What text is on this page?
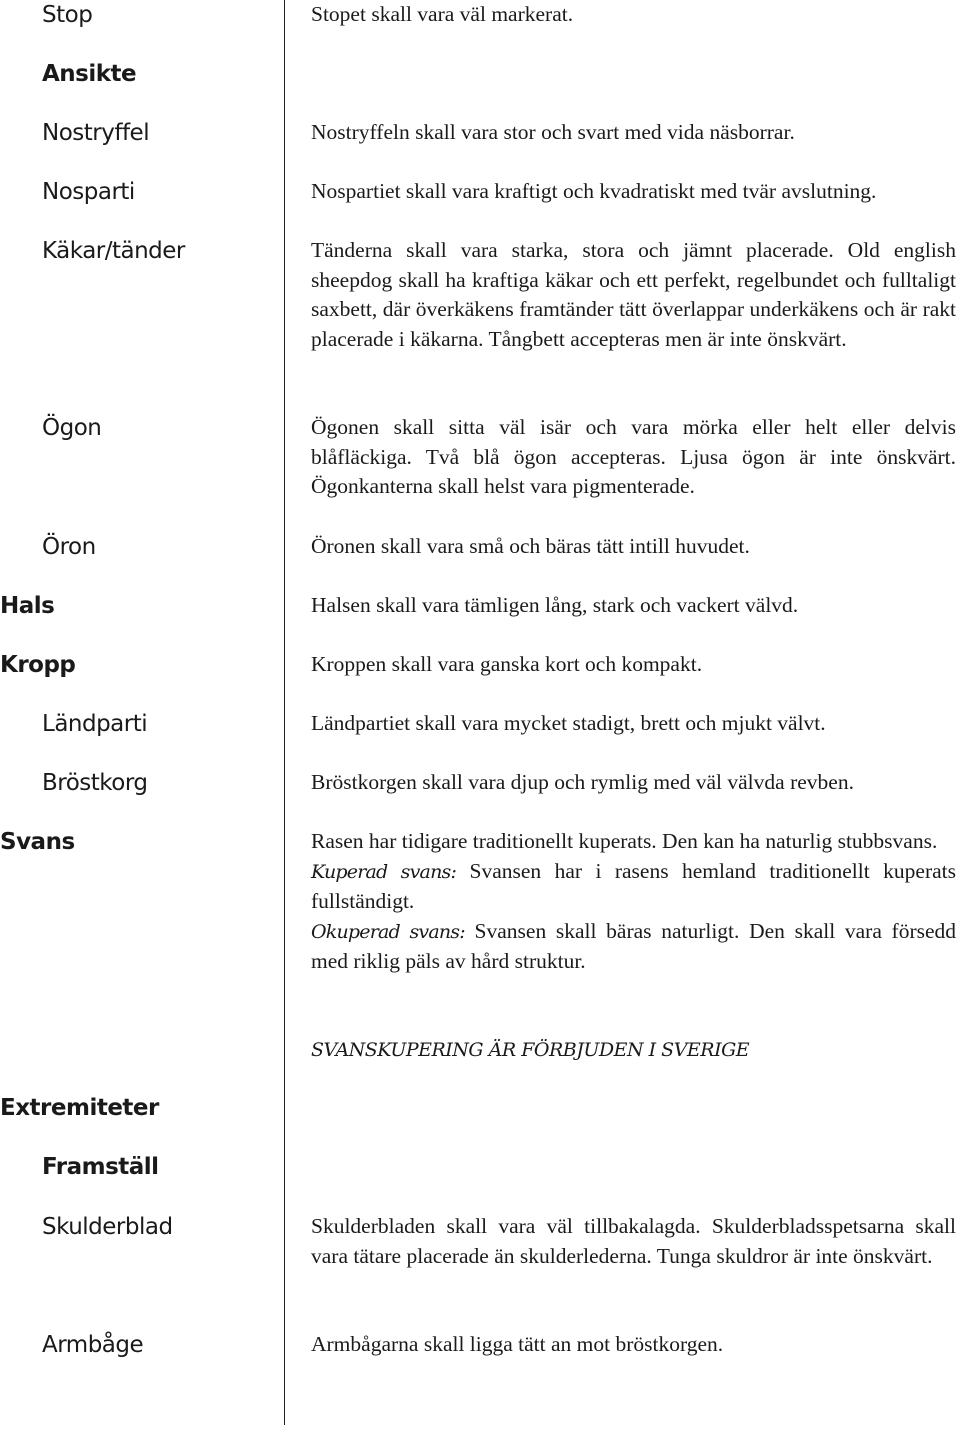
Stop
Ansikte
Nostryffel
Nosparti
Käkar/tänder
Ögon
Öron
Hals
Kropp
Ländparti
Bröstkorg
Svans
Extremiteter
Framställ
Skulderblad
Armbåge
Stopet skall vara väl markerat.
Nostryffeln skall vara stor och svart med vida näsborrar.
Nospartiet skall vara kraftigt och kvadratiskt med tvär avslutning.
Tänderna skall vara starka, stora och jämnt placerade. Old english sheepdog skall ha kraftiga käkar och ett perfekt, regelbundet och fulltaligt saxbett, där överkäkens framtänder tätt överlappar underkäkens och är rakt placerade i käkarna. Tångbett accepteras men är inte önskvärt.
Ögonen skall sitta väl isär och vara mörka eller helt eller delvis blåfläckiga. Två blå ögon accepteras. Ljusa ögon är inte önskvärt. Ögonkanterna skall helst vara pigmenterade.
Öronen skall vara små och bäras tätt intill huvudet.
Halsen skall vara tämligen lång, stark och vackert välvd.
Kroppen skall vara ganska kort och kompakt.
Ländpartiet skall vara mycket stadigt, brett och mjukt välvt.
Bröstkorgen skall vara djup och rymlig med väl välvda revben.

Rasen har tidigare traditionellt kuperats. Den kan ha naturlig stubbsvans.

Kuperad svans: Svansen har i rasens hemland traditionellt kuperats fullständigt.

Okuperad svans: Svansen skall bäras naturligt. Den skall vara försedd med riklig päls av hård struktur.

SVANSKUPERING ÄR FÖRBJUDEN I SVERIGE
Skulderbladen skall vara väl tillbakalagda. Skulderbladsspetsarna skall vara tätare placerade än skulderlederna. Tunga skuldror är inte önskvärt.
Armbågarna skall ligga tätt an mot bröstkorgen.
